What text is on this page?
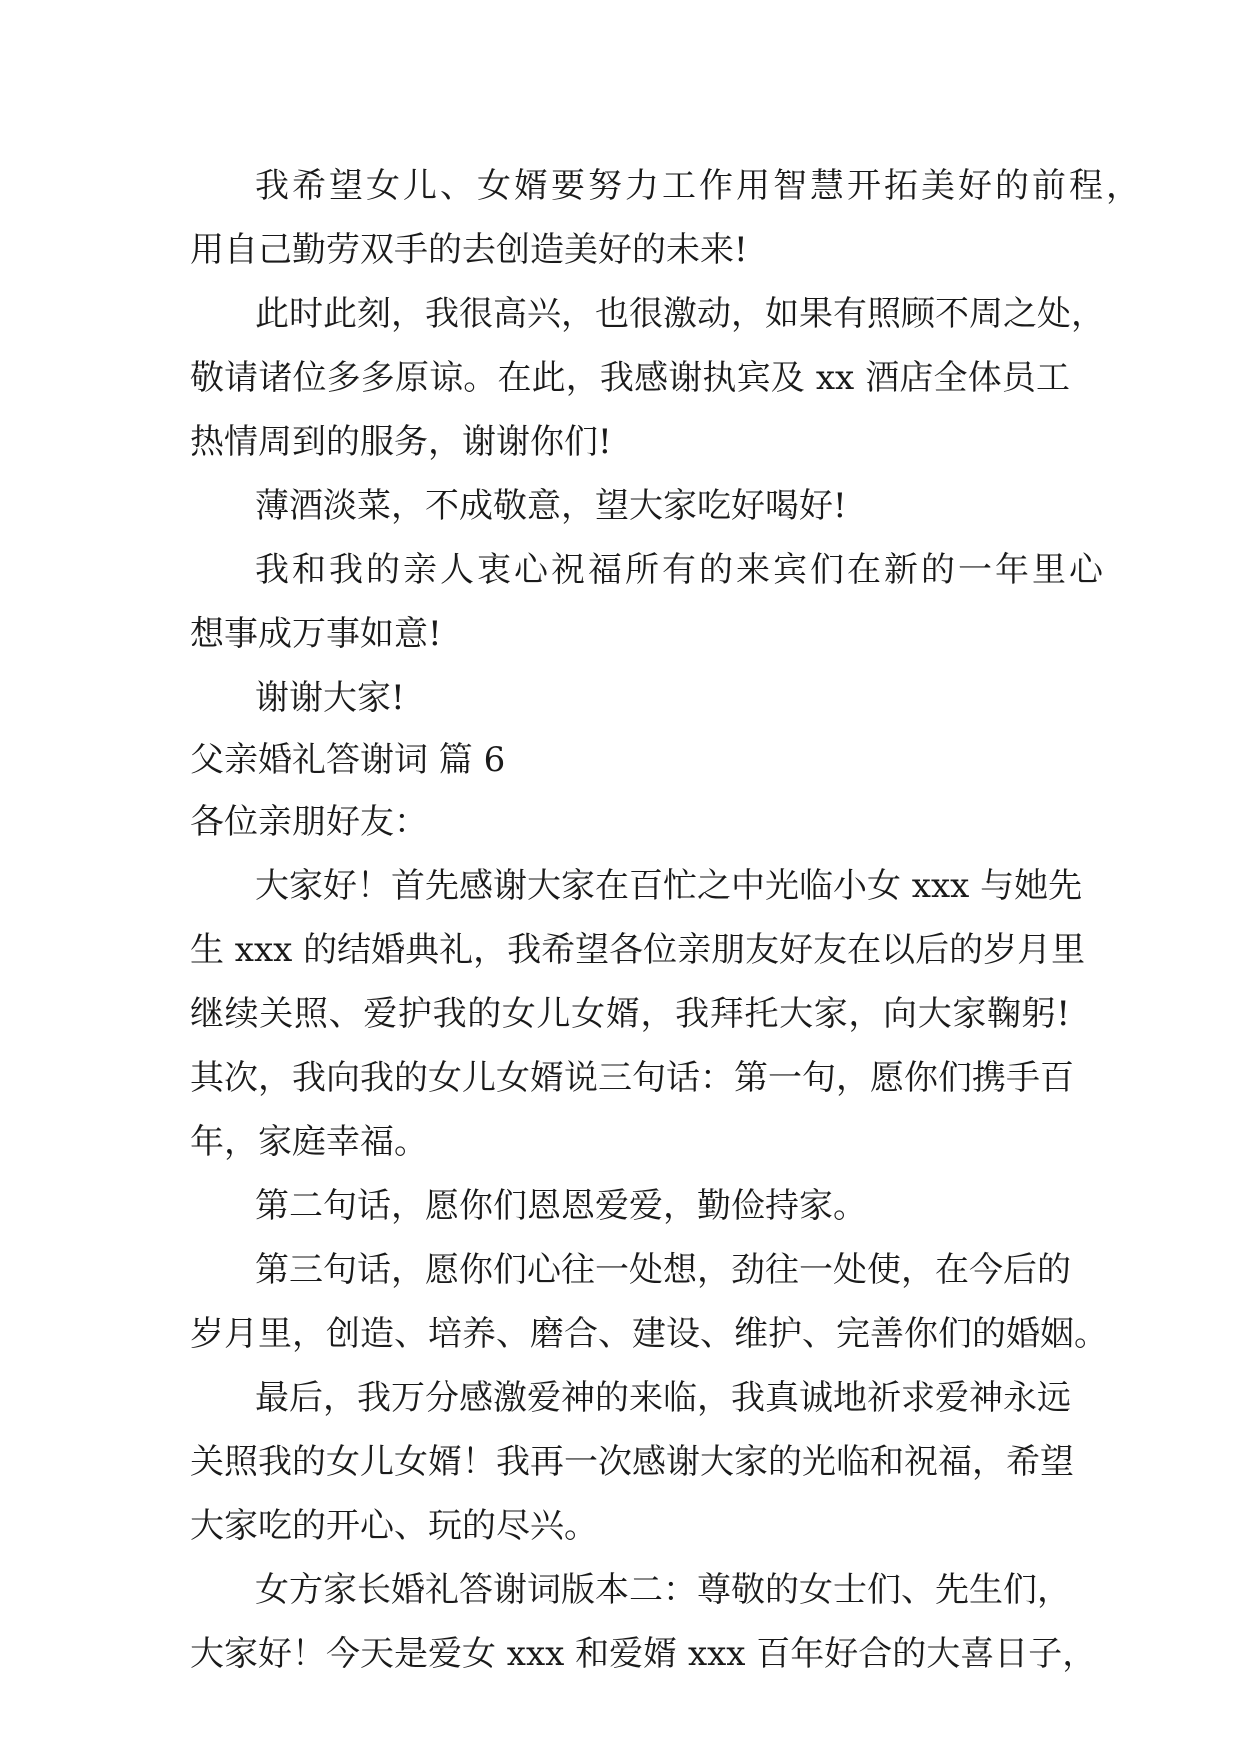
我希望女儿、女婿要努力工作用智慧开拓美好的前程，
用自己勤劳双手的去创造美好的未来!
此时此刻，我很高兴，也很激动，如果有照顾不周之处，
敬请诸位多多原谅。在此，我感谢执宾及 xx 酒店全体员工
热情周到的服务，谢谢你们!
薄酒淡菜，不成敬意，望大家吃好喝好!
我和我的亲人衷心祝福所有的来宾们在新的一年里心
想事成万事如意!
谢谢大家!
父亲婚礼答谢词 篇 6
各位亲朋好友：
大家好！首先感谢大家在百忙之中光临小女 xxx 与她先
生 xxx 的结婚典礼，我希望各位亲朋友好友在以后的岁月里
继续关照、爱护我的女儿女婿，我拜托大家，向大家鞠躬!
其次，我向我的女儿女婿说三句话：第一句，愿你们携手百
年，家庭幸福。
第二句话，愿你们恩恩爱爱，勤俭持家。
第三句话，愿你们心往一处想，劲往一处使，在今后的
岁月里，创造、培养、磨合、建设、维护、完善你们的婚姻。
最后，我万分感激爱神的来临，我真诚地祈求爱神永远
关照我的女儿女婿！我再一次感谢大家的光临和祝福，希望
大家吃的开心、玩的尽兴。
女方家长婚礼答谢词版本二：尊敬的女士们、先生们，
大家好！今天是爱女 xxx 和爱婿 xxx 百年好合的大喜日子，
